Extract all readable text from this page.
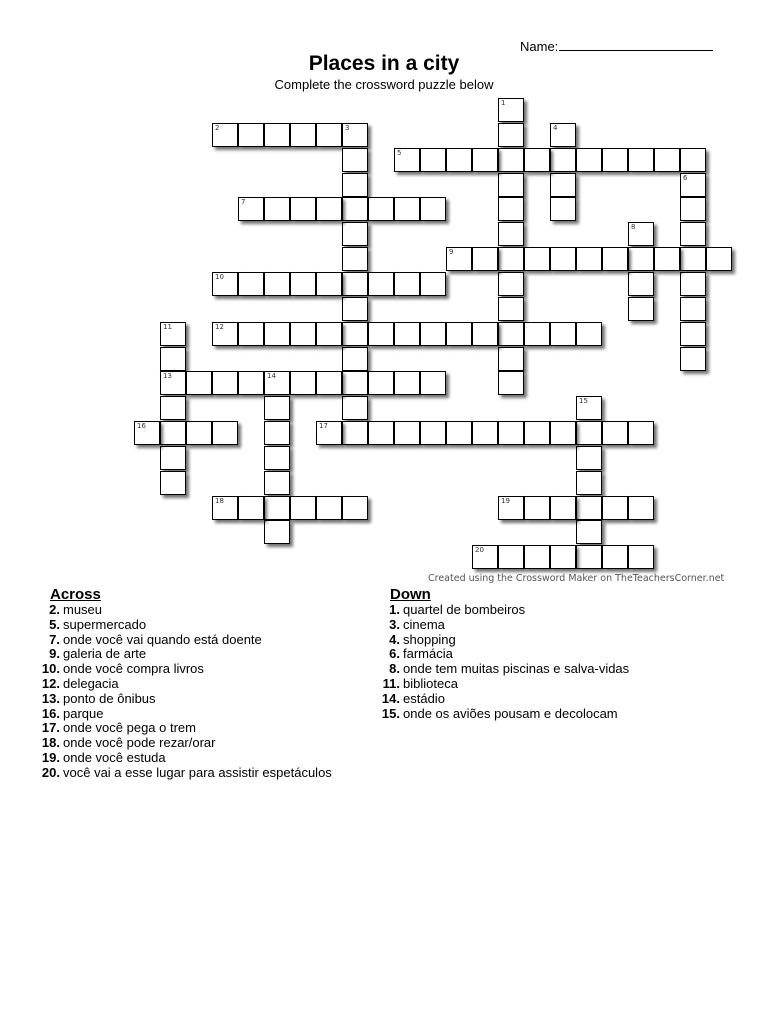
Name:
Places in a city
Complete the crossword puzzle below
1
2	3	4
5
6
7
8
9
10
11
13
12
14
15
16	17
18	19
20
Created using the Crossword Maker on TheTeachersCorner.net
Across	Down
2. museu
5. supermercado
7. onde você vai quando está doente
9. galeria de arte
10. onde você compra livros
12. delegacia
13. ponto de ônibus
16. parque
17. onde você pega o trem
18. onde você pode rezar/orar
19. onde você estuda
20. você vai a esse lugar para assistir espetáculos
1. quartel de bombeiros
3. cinema
4. shopping
6. farmácia
8. onde tem muitas piscinas e salva-vidas
11. biblioteca
14. estádio
15. onde os aviões pousam e decolocam
